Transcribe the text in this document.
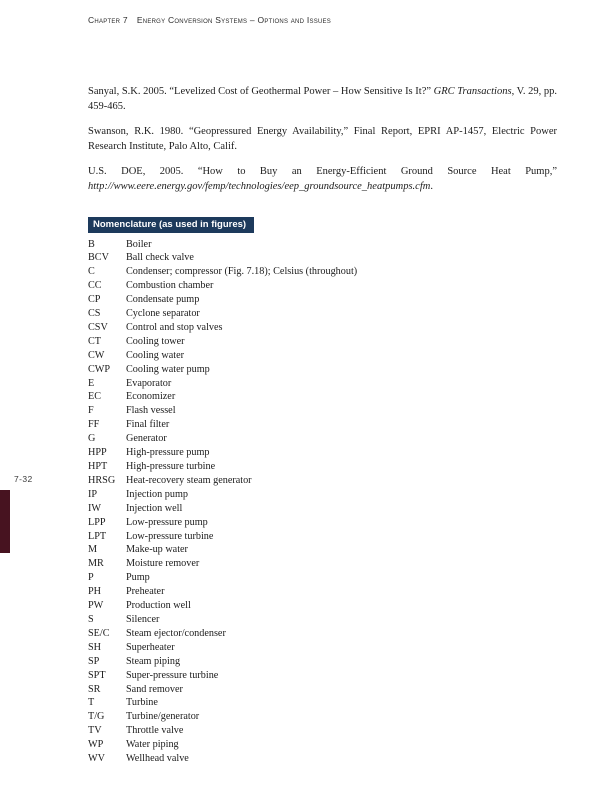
Chapter 7 Energy Conversion Systems – Options and Issues
7-32

Sanyal, S.K. 2005. “Levelized Cost of Geothermal Power – How Sensitive Is It?” GRC Transactions, V. 29, pp. 459-465.

Swanson, R.K. 1980. “Geopressured Energy Availability,” Final Report, EPRI AP-1457, Electric Power Research Institute, Palo Alto, Calif.

U.S. DOE, 2005. “How to Buy an Energy-Efficient Ground Source Heat Pump,” http://www.eere.energy.gov/femp/technologies/eep_groundsource_heatpumps.cfm.

Nomenclature (as used in figures)
B	Boiler
BCV	Ball check valve
C	Condenser; compressor (Fig. 7.18); Celsius (throughout)
CC	Combustion chamber
CP	Condensate pump
CS	Cyclone separator
CSV	Control and stop valves
CT	Cooling tower
CW	Cooling water
CWP	Cooling water pump
E	Evaporator
EC	Economizer
F	Flash vessel
FF	Final filter
G	Generator
HPP	High-pressure pump
HPT	High-pressure turbine
HRSG	Heat-recovery steam generator
IP	Injection pump
IW	Injection well
LPP	Low-pressure pump
LPT	Low-pressure turbine
M	Make-up water
MR	Moisture remover
P	Pump
PH	Preheater
PW	Production well
S	Silencer
SE/C	Steam ejector/condenser
SH	Superheater
SP	Steam piping
SPT	Super-pressure turbine
SR	Sand remover
T	Turbine
T/G	Turbine/generator
TV	Throttle valve
WP	Water piping
WV	Wellhead valve
